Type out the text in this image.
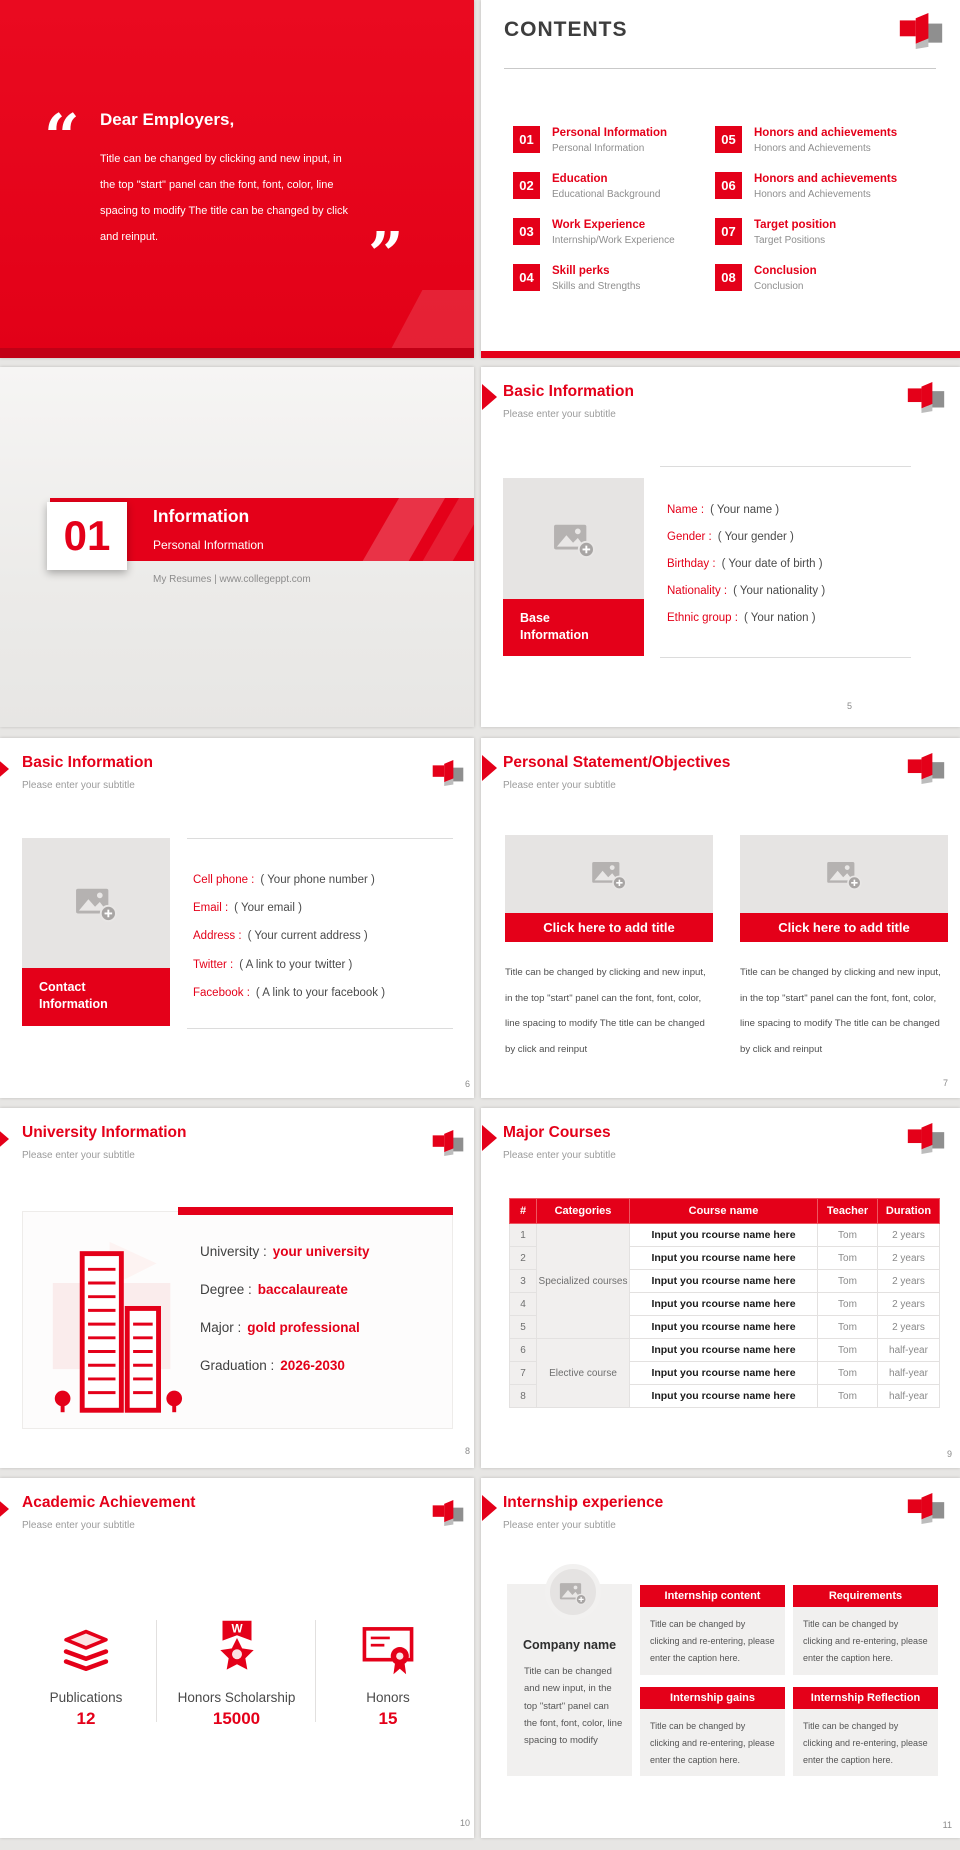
“ Dear Employers,
Title can be changed by clicking and new input, in the top "start" panel can the font, font, color, line spacing to modify The title can be changed by click and reinput.	”
CONTENTS
01	Personal Information
Personal Information
02	Education
Educational Background
03	Work Experience
Internship/Work Experience
04	Skill perks
Skills and Strengths
05	Honors and achievements
Honors and Achievements
06	Honors and achievements
Honors and Achievements
07	Target position
Target Positions
08	Conclusion
Conclusion
01	Information
Personal Information
My Resumes | www.collegeppt.com
Basic Information
Please enter your subtitle
Base
Information
Name : ( Your name )
Gender : ( Your gender )
Birthday : ( Your date of birth )
Nationality : ( Your nationality )
Ethnic group : ( Your nation )
5
Basic Information
Please enter your subtitle
Contact
Information
Cell phone : ( Your phone number )
Email : ( Your email )
Address : ( Your current address )
Twitter : ( A link to your twitter )
Facebook : ( A link to your facebook )
6
Personal Statement/Objectives
Please enter your subtitle
Click here to add title
Title can be changed by clicking and new input, in the top "start" panel can the font, font, color, line spacing to modify The title can be changed by click and reinput
Click here to add title
Title can be changed by clicking and new input, in the top "start" panel can the font, font, color, line spacing to modify The title can be changed by click and reinput
7
University Information
Please enter your subtitle
University : your university
Degree : baccalaureate
Major : gold professional
Graduation : 2026-2030
8
Major Courses
Please enter your subtitle
#	Categories	Course name	Teacher	Duration
1	Specialized courses	Input you rcourse name here	Tom	2 years
2		Input you rcourse name here	Tom	2 years
3		Input you rcourse name here	Tom	2 years
4		Input you rcourse name here	Tom	2 years
5		Input you rcourse name here	Tom	2 years
6	Elective course	Input you rcourse name here	Tom	half-year
7		Input you rcourse name here	Tom	half-year
8		Input you rcourse name here	Tom	half-year
9
Academic Achievement
Please enter your subtitle
Publications
12
W
Honors Scholarship
15000
Honors
15
10
Internship experience
Please enter your subtitle
Company name
Title can be changed and new input, in the top "start" panel can the font, font, color, line spacing to modify
Internship content
Title can be changed by clicking and re-entering, please enter the caption here.
Requirements
Title can be changed by clicking and re-entering, please enter the caption here.
Internship gains
Title can be changed by clicking and re-entering, please enter the caption here.
Internship Reflection
Title can be changed by clicking and re-entering, please enter the caption here.
11
